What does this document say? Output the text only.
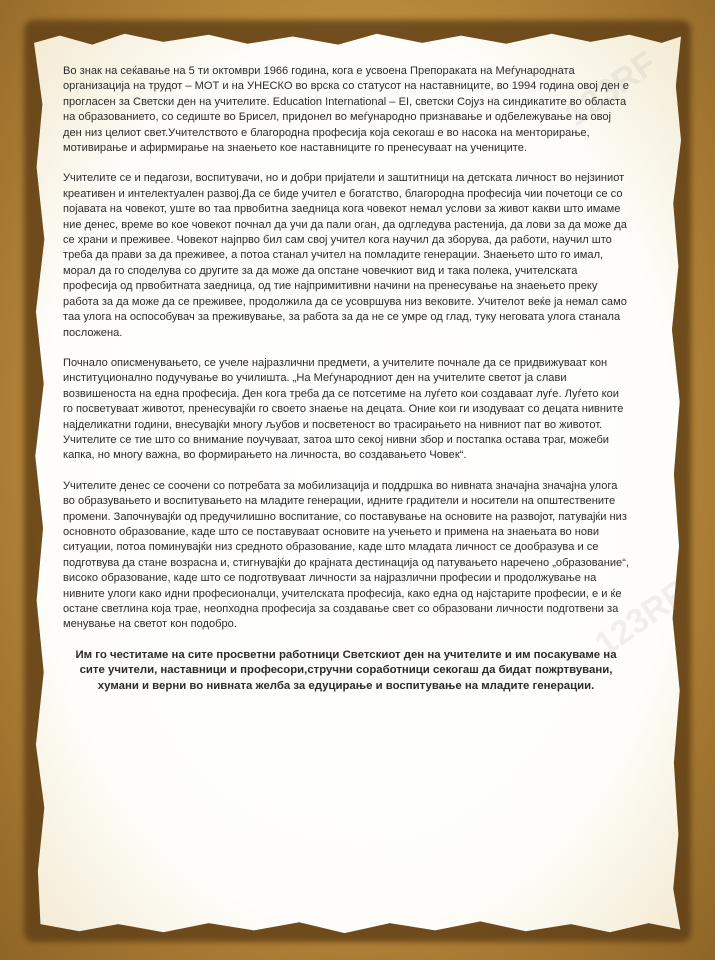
Во знак на сеќавање на 5 ти октомври 1966 година, кога е усвоена Препораката на Меѓународната организација на трудот – МОТ и на УНЕСКО во врска со статусот на наставниците, во 1994 година овој ден е прогласен за Светски ден на учителите. Education International – EI, светски Сојуз на синдикатите во областа на образованието, со седиште во Брисел, придонел во меѓународно признавање и одбележување на овој ден низ целиот свет.Учителството е благородна професија која секогаш е во насока на менторирање, мотивирање и афирмирање на знаењето кое наставниците го пренесуваат на учениците.

Учителите се и педагози, воспитувачи, но и добри пријатели и заштитници на детската личност во нејзиниот креативен и интелектуален развој.Да се биде учител е богатство, благородна професија чии почетоци се со појавата на човекот, уште во таа првобитна заедница кога човекот немал услови за живот какви што имаме ние денес, време во кое човекот почнал да учи да пали оган, да одгледува растенија, да лови за да може да се храни и преживее. Човекот најпрво бил сам свој учител кога научил да зборува, да работи, научил што треба да прави за да преживее, а потоа станал учител на помладите генерации. Знаењето што го имал, морал да го споделува со другите за да може да опстане човечкиот вид и така полека, учителската професија од првобитната заедница, од тие најпримитивни начини на пренесување на знаењето преку работа за да може да се преживее, продолжила да се усовршува низ вековите. Учителот веќе ја немал само таа улога на оспособувач за преживување, за работа за да не се умре од глад, туку неговата улога станала посложена.

Почнало описменувањето, се учеле најразлични предмети, а учителите почнале да се придвижуваат кон институционално подучување во училишта. „На Меѓународниот ден на учителите светот ја слави возвишеноста на една професија. Ден кога треба да се потсетиме на луѓето кои создаваат луѓе. Луѓето кои го посветуваат животот, пренесувајќи го своето знаење на децата. Оние кои ги изодуваат со децата нивните најделикатни години, внесувајќи многу љубов и посветеност во трасирањето на нивниот пат во животот. Учителите се тие што со внимание поучуваат, затоа што секој нивни збор и постапка остава траг, можеби капка, но многу важна, во формирањето на личноста, во создавањето Човек“.

Учителите денес се соочени со потребата за мобилизација и поддршка во нивната значајна значајна улога во образувањето и воспитувањето на младите генерации, идните градители и носители на општествените промени. Започнувајќи од предучилишно воспитание, со поставување на основите на развојот, патувајќи низ основното образование, каде што се поставуваат основите на учењето и примена на знаењата во нови ситуации, потоа поминувајќи низ средното образование, каде што младата личност се дообразува и се подготвува да стане возрасна и, стигнувајќи до крајната дестинација од патувањето наречено „образование“, високо образование, каде што се подготвуваат личности за најразлични професии и продолжување на нивните улоги како идни професионалци, учителската професија, како една од најстарите професии, е и ќе остане светлина која трае, неопходна професија за создавање свет со образовани личности подготвени за менување на светот кон подобро.

Им го честитаме на сите просветни работници Светскиот ден на учителите и им посакуваме на сите учители, наставници и професори,стручни соработници секогаш да бидат пожртвувани, хумани и верни во нивната желба за едуцирање и воспитување на младите генерации.
